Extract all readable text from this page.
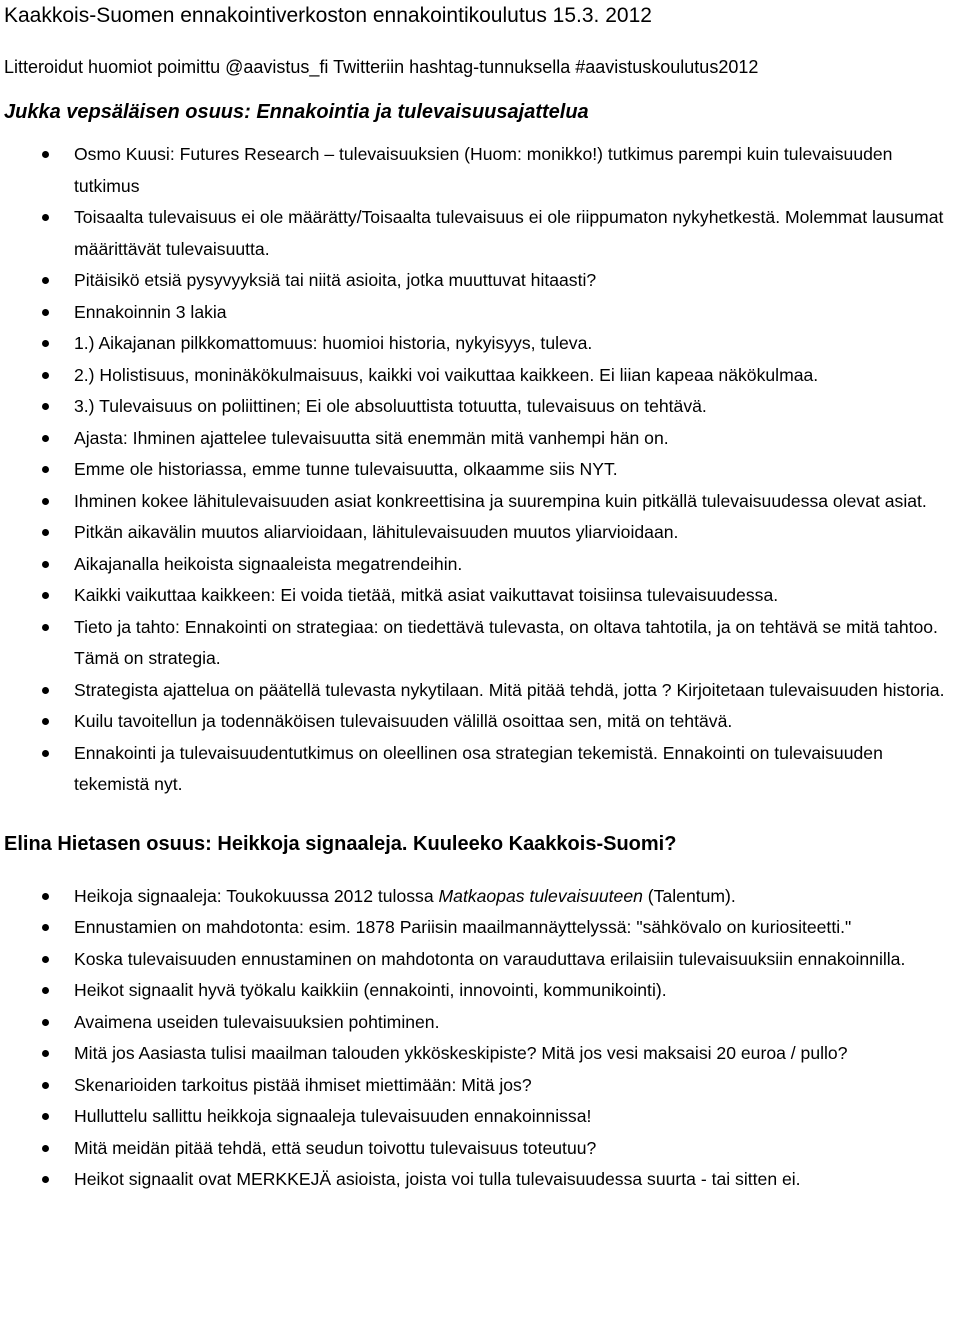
Kaakkois-Suomen ennakointiverkoston ennakointikoulutus 15.3. 2012

Litteroidut huomiot poimittu @aavistus_fi Twitteriin hashtag-tunnuksella #aavistuskoulutus2012

Jukka vepsäläisen osuus: Ennakointia ja tulevaisuusajattelua
Osmo Kuusi: Futures Research – tulevaisuuksien (Huom: monikko!) tutkimus parempi kuin tulevaisuuden tutkimus
Toisaalta tulevaisuus ei ole määrätty/Toisaalta tulevaisuus ei ole riippumaton nykyhetkestä. Molemmat lausumat määrittävät tulevaisuutta.
Pitäisikö etsiä pysyvyyksiä tai niitä asioita, jotka muuttuvat hitaasti?
Ennakoinnin 3 lakia
1.) Aikajanan pilkkomattomuus: huomioi historia, nykyisyys, tuleva.
2.) Holistisuus, moninäkökulmaisuus, kaikki voi vaikuttaa kaikkeen. Ei liian kapeaa näkökulmaa.
3.) Tulevaisuus on poliittinen; Ei ole absoluuttista totuutta, tulevaisuus on tehtävä.
Ajasta: Ihminen ajattelee tulevaisuutta sitä enemmän mitä vanhempi hän on.
Emme ole historiassa, emme tunne tulevaisuutta, olkaamme siis NYT.
Ihminen kokee lähitulevaisuuden asiat konkreettisina ja suurempina kuin pitkällä tulevaisuudessa olevat asiat.
Pitkän aikavälin muutos aliarvioidaan, lähitulevaisuuden muutos yliarvioidaan.
Aikajanalla heikoista signaaleista megatrendeihin.
Kaikki vaikuttaa kaikkeen: Ei voida tietää, mitkä asiat vaikuttavat toisiinsa tulevaisuudessa.
Tieto ja tahto: Ennakointi on strategiaa: on tiedettävä tulevasta, on oltava tahtotila, ja on tehtävä se mitä tahtoo. Tämä on strategia.
Strategista ajattelua on päätellä tulevasta nykytilaan. Mitä pitää tehdä, jotta ? Kirjoitetaan tulevaisuuden historia.
Kuilu tavoitellun ja todennäköisen tulevaisuuden välillä osoittaa sen, mitä on tehtävä.
Ennakointi ja tulevaisuudentutkimus on oleellinen osa strategian tekemistä. Ennakointi on tulevaisuuden tekemistä nyt.
Elina Hietasen osuus: Heikkoja signaaleja. Kuuleeko Kaakkois-Suomi?
Heikoja signaaleja: Toukokuussa 2012 tulossa Matkaopas tulevaisuuteen (Talentum).
Ennustamien on mahdotonta: esim. 1878 Pariisin maailmannäyttelyssä: "sähkövalo on kuriositeetti."
Koska tulevaisuuden ennustaminen on mahdotonta on varauduttava erilaisiin tulevaisuuksiin ennakoinnilla.
Heikot signaalit hyvä työkalu kaikkiin (ennakointi, innovointi, kommunikointi).
Avaimena useiden tulevaisuuksien pohtiminen.
Mitä jos Aasiasta tulisi maailman talouden ykköskeskipiste? Mitä jos vesi maksaisi 20 euroa / pullo?
Skenarioiden tarkoitus pistää ihmiset miettimään: Mitä jos?
Hulluttelu sallittu heikkoja signaaleja tulevaisuuden ennakoinnissa!
Mitä meidän pitää tehdä, että seudun toivottu tulevaisuus toteutuu?
Heikot signaalit ovat MERKKEJÄ asioista, joista voi tulla tulevaisuudessa suurta - tai sitten ei.
